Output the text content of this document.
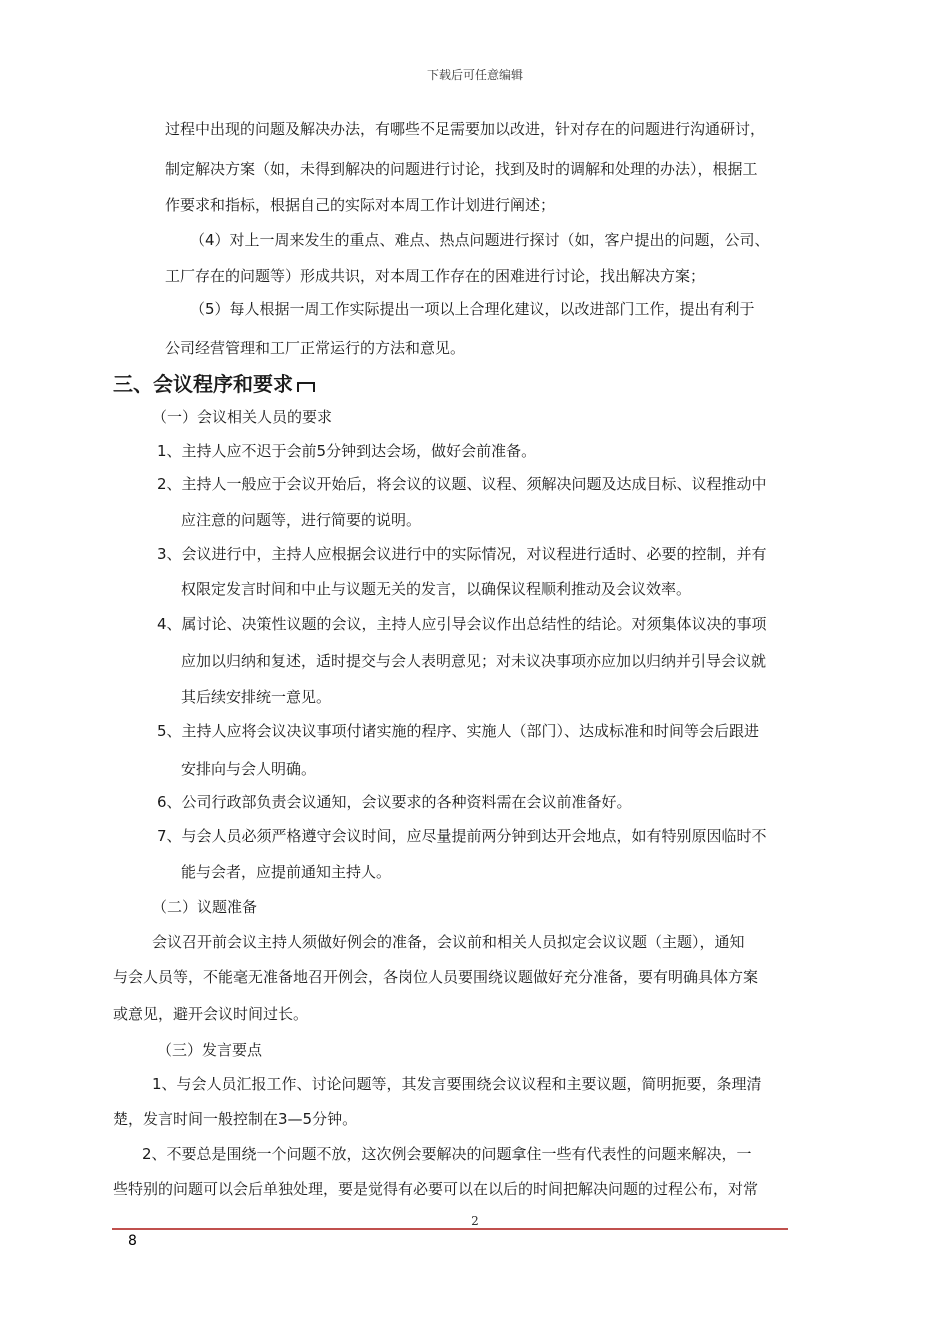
下载后可任意编辑
过程中出现的问题及解决办法，有哪些不足需要加以改进，针对存在的问题进行沟通研讨，
制定解决方案（如，未得到解决的问题进行讨论，找到及时的调解和处理的办法），根据工
作要求和指标，根据自己的实际对本周工作计划进行阐述；
（4）对上一周来发生的重点、难点、热点问题进行探讨（如，客户提出的问题，公司、
工厂存在的问题等）形成共识，对本周工作存在的困难进行讨论，找出解决方案；
（5）每人根据一周工作实际提出一项以上合理化建议，以改进部门工作，提出有利于
公司经营管理和工厂正常运行的方法和意见。
三、会议程序和要求
（一）会议相关人员的要求
1、主持人应不迟于会前5分钟到达会场，做好会前准备。
2、主持人一般应于会议开始后，将会议的议题、议程、须解决问题及达成目标、议程推动中
应注意的问题等，进行简要的说明。
3、会议进行中，主持人应根据会议进行中的实际情况，对议程进行适时、必要的控制，并有
权限定发言时间和中止与议题无关的发言，以确保议程顺利推动及会议效率。
4、属讨论、决策性议题的会议，主持人应引导会议作出总结性的结论。对须集体议决的事项
应加以归纳和复述，适时提交与会人表明意见；对未议决事项亦应加以归纳并引导会议就
其后续安排统一意见。
5、主持人应将会议决议事项付诸实施的程序、实施人（部门）、达成标准和时间等会后跟进
安排向与会人明确。
6、公司行政部负责会议通知，会议要求的各种资料需在会议前准备好。
7、与会人员必须严格遵守会议时间，应尽量提前两分钟到达开会地点，如有特别原因临时不
能与会者，应提前通知主持人。
（二）议题准备
会议召开前会议主持人须做好例会的准备，会议前和相关人员拟定会议议题（主题），通知
与会人员等，不能毫无准备地召开例会，各岗位人员要围绕议题做好充分准备，要有明确具体方案
或意见，避开会议时间过长。
（三）发言要点
1、与会人员汇报工作、讨论问题等，其发言要围绕会议议程和主要议题，简明扼要，条理清
楚，发言时间一般控制在3—5分钟。
2、不要总是围绕一个问题不放，这次例会要解决的问题拿住一些有代表性的问题来解决，一
些特别的问题可以会后单独处理，要是觉得有必要可以在以后的时间把解决问题的过程公布，对常
2
8
